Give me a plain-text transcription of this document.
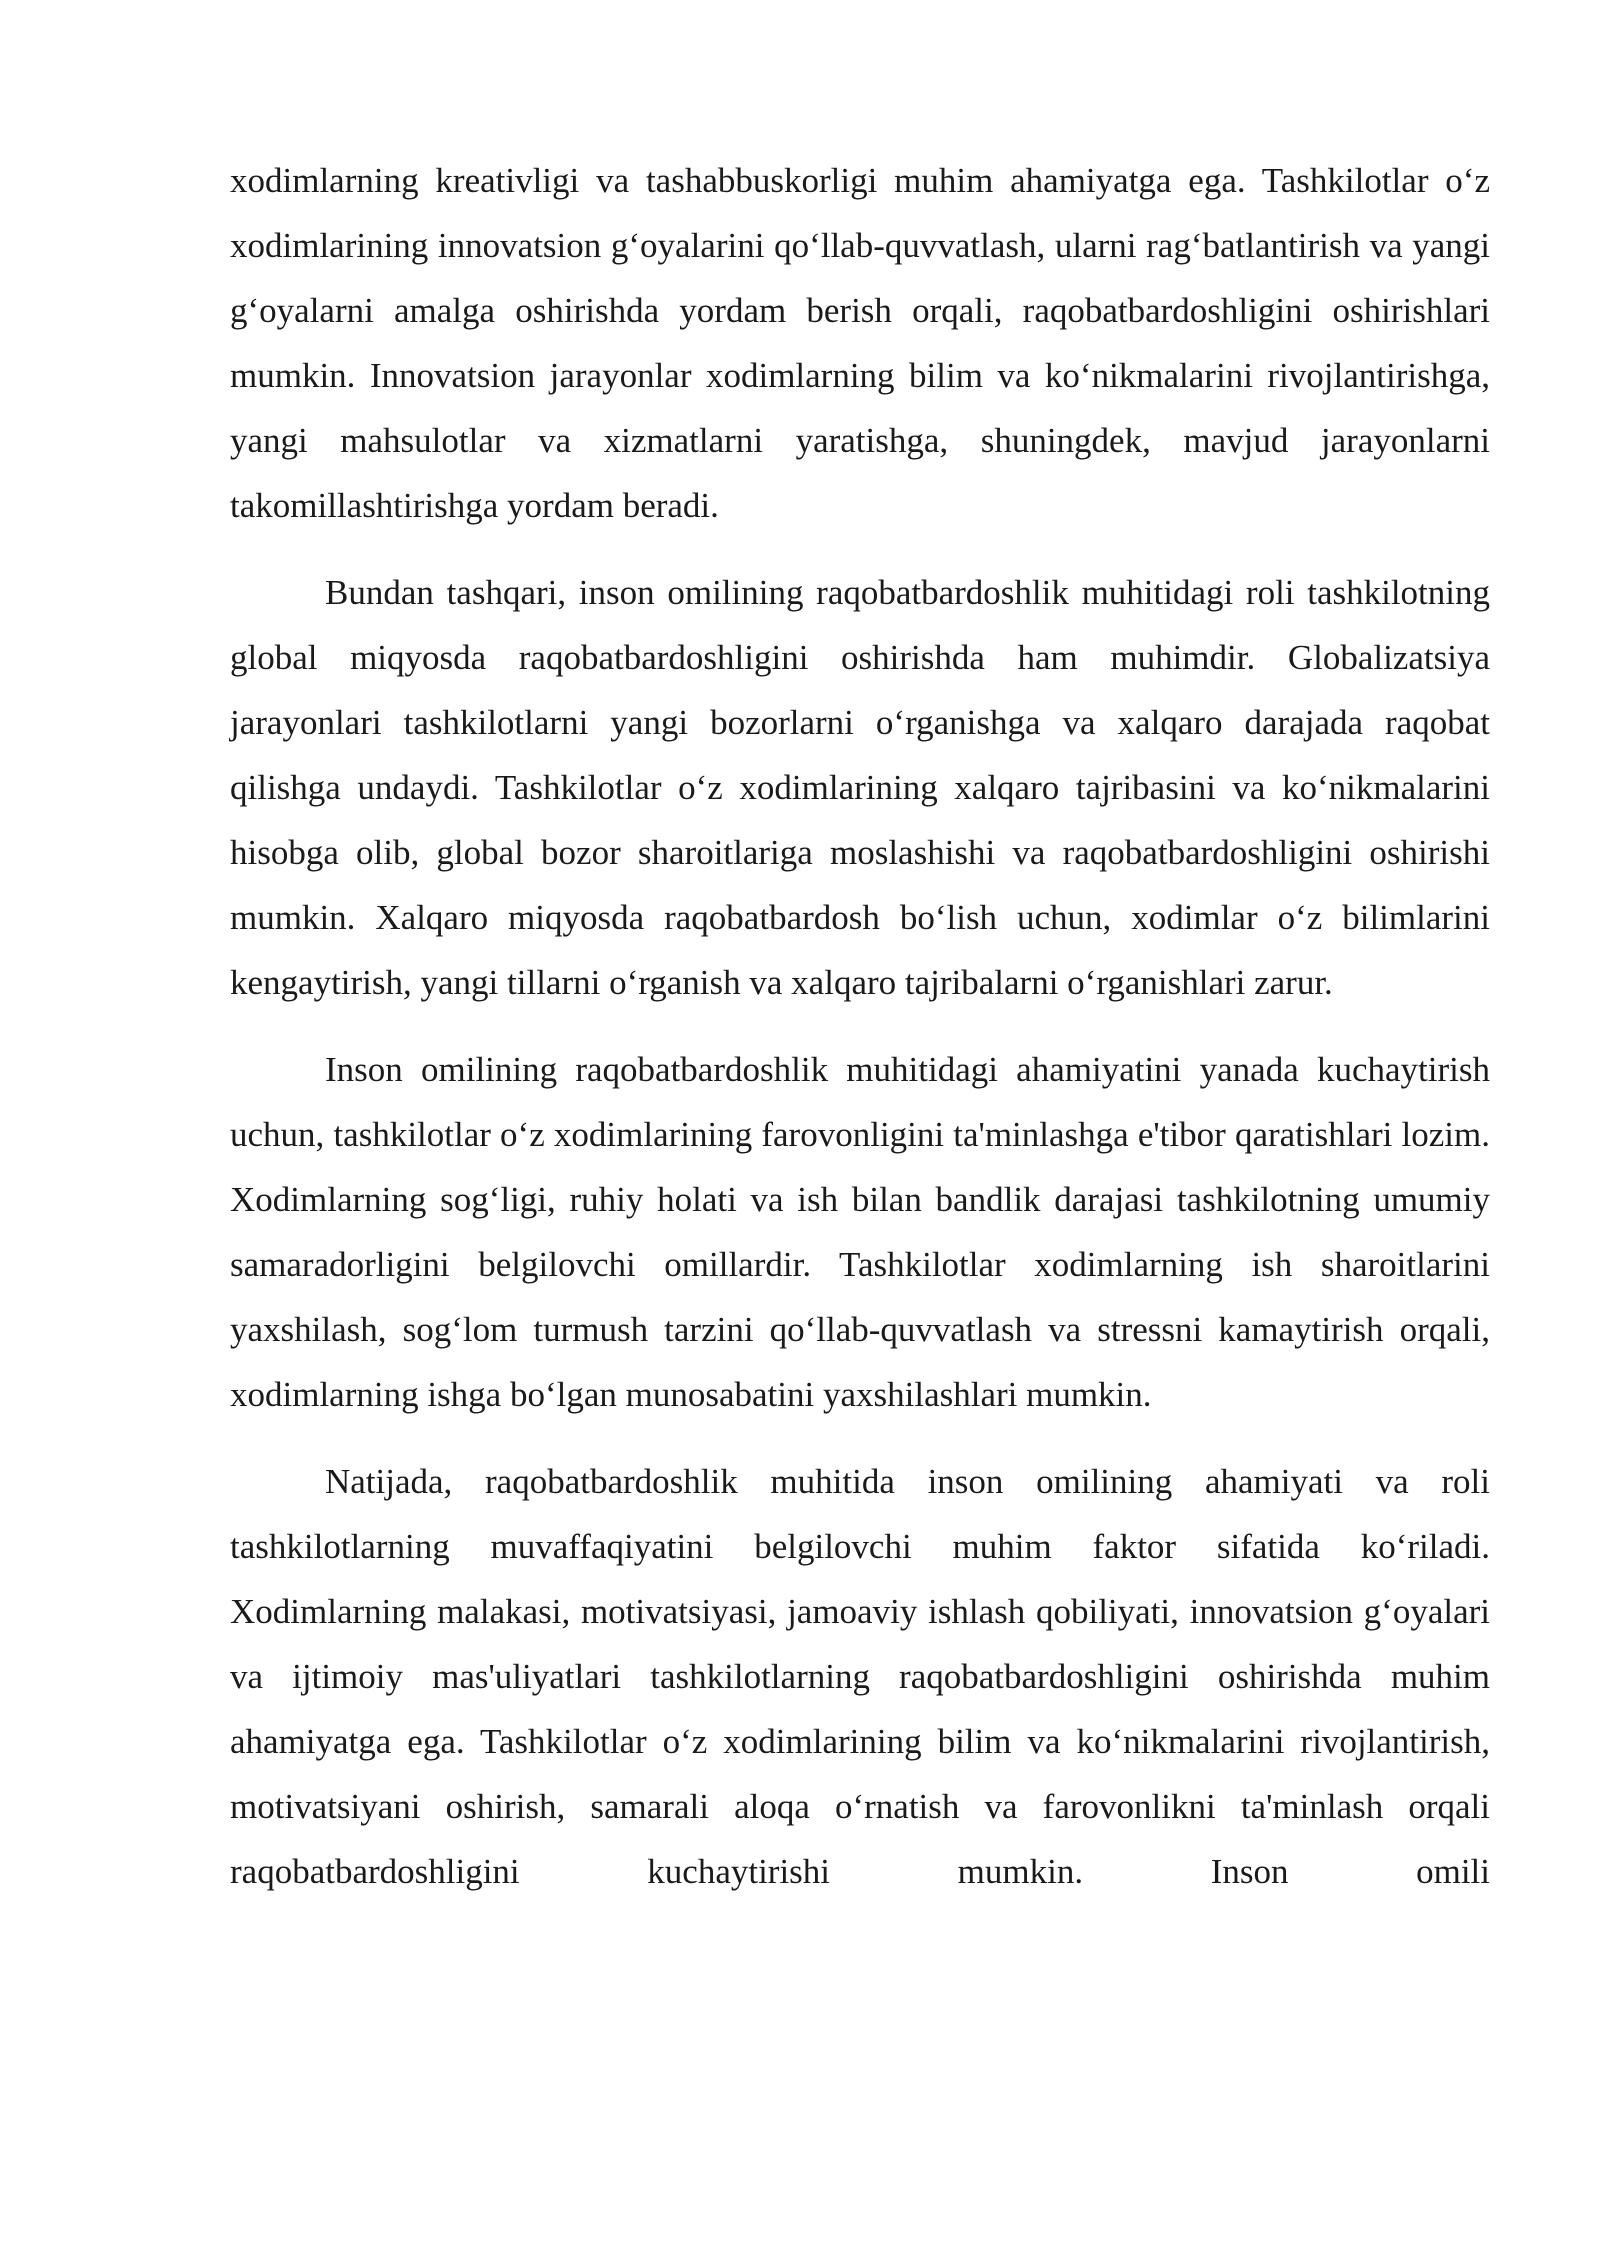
xodimlarning kreativligi va tashabbuskorligi muhim ahamiyatga ega. Tashkilotlar o‘z xodimlarining innovatsion g‘oyalarini qo‘llab-quvvatlash, ularni rag‘batlantirish va yangi g‘oyalarni amalga oshirishda yordam berish orqali, raqobatbardoshligini oshirishlari mumkin. Innovatsion jarayonlar xodimlarning bilim va ko‘nikmalarini rivojlantirishga, yangi mahsulotlar va xizmatlarni yaratishga, shuningdek, mavjud jarayonlarni takomillashtirishga yordam beradi.

Bundan tashqari, inson omilining raqobatbardoshlik muhitidagi roli tashkilotning global miqyosda raqobatbardoshligini oshirishda ham muhimdir. Globalizatsiya jarayonlari tashkilotlarni yangi bozorlarni o‘rganishga va xalqaro darajada raqobat qilishga undaydi. Tashkilotlar o‘z xodimlarining xalqaro tajribasini va ko‘nikmalarini hisobga olib, global bozor sharoitlariga moslashishi va raqobatbardoshligini oshirishi mumkin. Xalqaro miqyosda raqobatbardosh bo‘lish uchun, xodimlar o‘z bilimlarini kengaytirish, yangi tillarni o‘rganish va xalqaro tajribalarni o‘rganishlari zarur.

Inson omilining raqobatbardoshlik muhitidagi ahamiyatini yanada kuchaytirish uchun, tashkilotlar o‘z xodimlarining farovonligini ta'minlashga e'tibor qaratishlari lozim. Xodimlarning sog‘ligi, ruhiy holati va ish bilan bandlik darajasi tashkilotning umumiy samaradorligini belgilovchi omillardir. Tashkilotlar xodimlarning ish sharoitlarini yaxshilash, sog‘lom turmush tarzini qo‘llab-quvvatlash va stressni kamaytirish orqali, xodimlarning ishga bo‘lgan munosabatini yaxshilashlari mumkin.

Natijada, raqobatbardoshlik muhitida inson omilining ahamiyati va roli tashkilotlarning muvaffaqiyatini belgilovchi muhim faktor sifatida ko‘riladi. Xodimlarning malakasi, motivatsiyasi, jamoaviy ishlash qobiliyati, innovatsion g‘oyalari va ijtimoiy mas'uliyatlari tashkilotlarning raqobatbardoshligini oshirishda muhim ahamiyatga ega. Tashkilotlar o‘z xodimlarining bilim va ko‘nikmalarini rivojlantirish, motivatsiyani oshirish, samarali aloqa o‘rnatish va farovonlikni ta'minlash orqali raqobatbardoshligini kuchaytirishi mumkin. Inson omili
